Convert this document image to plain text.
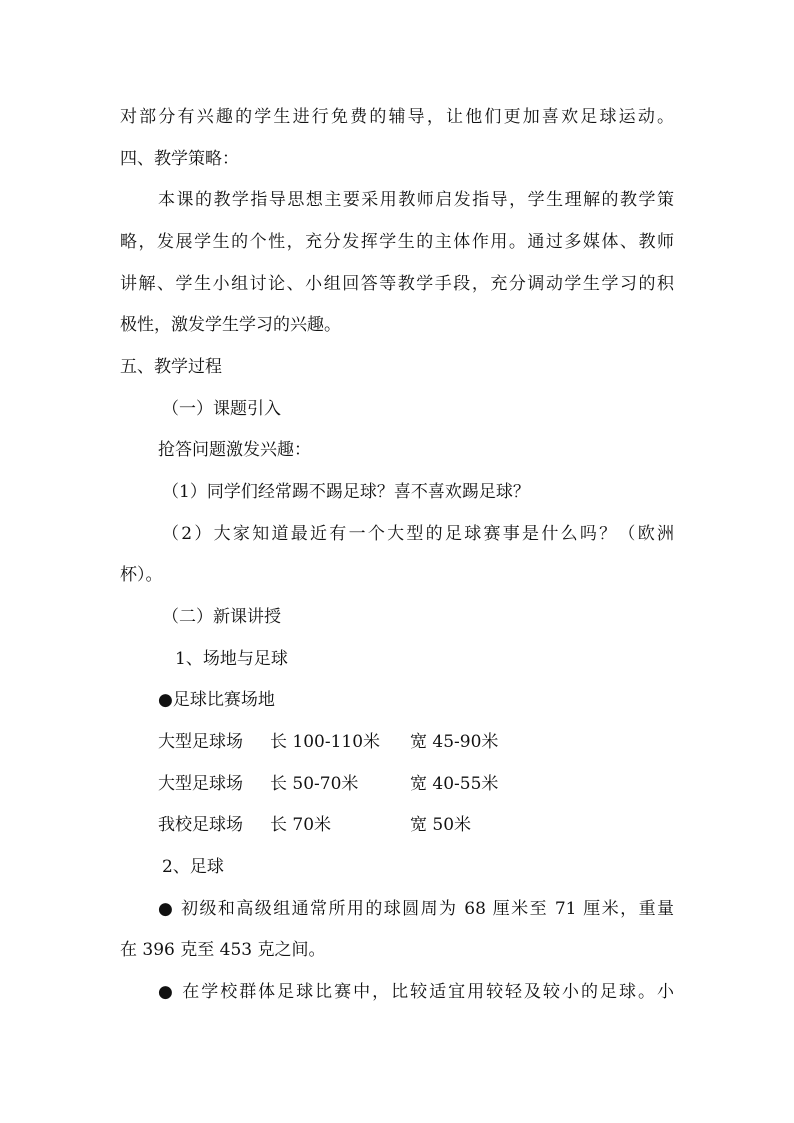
对部分有兴趣的学生进行免费的辅导，让他们更加喜欢足球运动。
四、教学策略：
本课的教学指导思想主要采用教师启发指导，学生理解的教学策
略，发展学生的个性，充分发挥学生的主体作用。通过多媒体、教师
讲解、学生小组讨论、小组回答等教学手段，充分调动学生学习的积
极性，激发学生学习的兴趣。
五、教学过程
（一）课题引入
抢答问题激发兴趣：
（1）同学们经常踢不踢足球？喜不喜欢踢足球？
（2）大家知道最近有一个大型的足球赛事是什么吗？（欧洲
杯）。
（二）新课讲授
1、场地与足球
●足球比赛场地
大型足球场 长 100-110米 宽 45-90米
大型足球场 长 50-70米	宽 40-55米
我校足球场 长 70米	宽 50米
2、足球
● 初级和高级组通常所用的球圆周为 68 厘米至 71 厘米，重量
在 396 克至 453 克之间。
● 在学校群体足球比赛中，比较适宜用较轻及较小的足球。小
